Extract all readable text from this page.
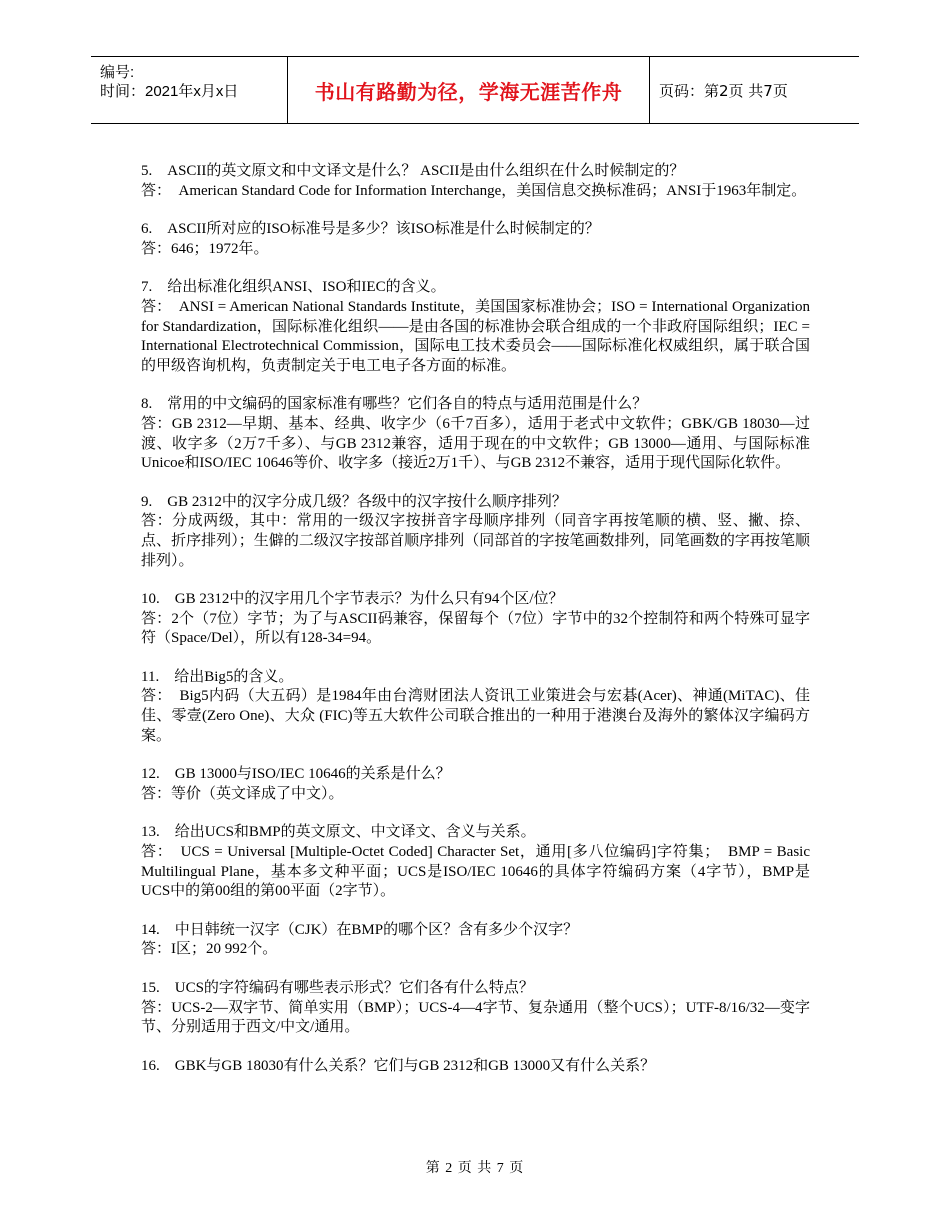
编号:
时间：2021年x月x日	书山有路勤为径，学海无涯苦作舟	页码：第2页 共7页
5.　ASCII的英文原文和中文译文是什么？ ASCII是由什么组织在什么时候制定的？
答：　American Standard Code for Information Interchange，美国信息交换标准码；ANSI于1963年制定。
6.　ASCII所对应的ISO标准号是多少？该ISO标准是什么时候制定的？
答：646；1972年。
7.　给出标准化组织ANSI、ISO和IEC的含义。
答：　ANSI = American National Standards Institute，美国国家标准协会；ISO = International Organization for Standardization，国际标准化组织——是由各国的标准协会联合组成的一个非政府国际组织；IEC = International Electrotechnical Commission，国际电工技术委员会——国际标准化权威组织，属于联合国的甲级咨询机构，负责制定关于电工电子各方面的标准。
8.　常用的中文编码的国家标准有哪些？它们各自的特点与适用范围是什么？
答：GB 2312—早期、基本、经典、收字少（6千7百多），适用于老式中文软件；GBK/GB 18030—过渡、收字多（2万7千多）、与GB 2312兼容，适用于现在的中文软件；GB 13000—通用、与国际标准Unicoe和ISO/IEC 10646等价、收字多（接近2万1千）、与GB 2312不兼容，适用于现代国际化软件。
9.　GB 2312中的汉字分成几级？各级中的汉字按什么顺序排列？
答：分成两级，其中：常用的一级汉字按拼音字母顺序排列（同音字再按笔顺的横、竖、撇、捺、点、折序排列）；生僻的二级汉字按部首顺序排列（同部首的字按笔画数排列，同笔画数的字再按笔顺排列）。
10.　GB 2312中的汉字用几个字节表示？为什么只有94个区/位？
答：2个（7位）字节；为了与ASCII码兼容，保留每个（7位）字节中的32个控制符和两个特殊可显字符（Space/Del），所以有128-34=94。
11.　给出Big5的含义。
答：　Big5内码（大五码）是1984年由台湾财团法人资讯工业策进会与宏碁(Acer)、神通(MiTAC)、佳佳、零壹(Zero One)、大众 (FIC)等五大软件公司联合推出的一种用于港澳台及海外的繁体汉字编码方案。
12.　GB 13000与ISO/IEC 10646的关系是什么？
答：等价（英文译成了中文）。
13.　给出UCS和BMP的英文原文、中文译文、含义与关系。
答：　UCS = Universal [Multiple-Octet Coded] Character Set，通用[多八位编码]字符集；　BMP = Basic Multilingual Plane，基本多文种平面；UCS是ISO/IEC 10646的具体字符编码方案（4字节），BMP是UCS中的第00组的第00平面（2字节）。
14.　中日韩统一汉字（CJK）在BMP的哪个区？含有多少个汉字？
答：I区；20 992个。
15.　UCS的字符编码有哪些表示形式？它们各有什么特点？
答：UCS-2—双字节、简单实用（BMP）；UCS-4—4字节、复杂通用（整个UCS）；UTF-8/16/32—变字节、分别适用于西文/中文/通用。
16.　GBK与GB 18030有什么关系？它们与GB 2312和GB 13000又有什么关系？
第 2 页 共 7 页
